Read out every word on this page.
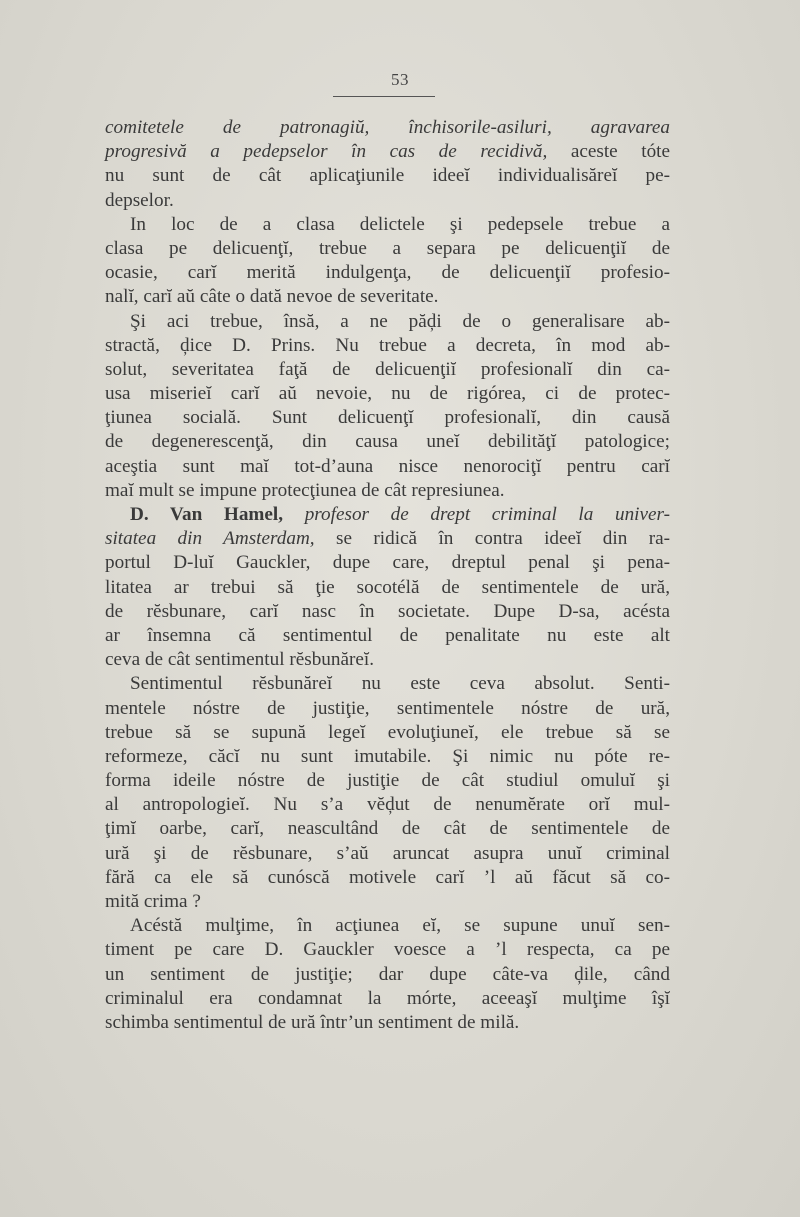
53
comitetele de patronagiŭ, închisorile-asiluri, agravarea
progresivă a pedepselor în cas de recidivă, aceste tóte
nu sunt de cât aplicaţiunile ideeĭ individualisăreĭ pe-
depselor.
In loc de a clasa delictele şi pedepsele trebue a
clasa pe delicuenţĭ, trebue a separa pe delicuenţiĭ de
ocasie, carĭ merită indulgenţa, de delicuenţiĭ profesio-
nalĭ, carĭ aŭ câte o dată nevoe de severitate.
Şi aci trebue, însă, a ne păḑi de o generalisare ab-
stractă, ḑice D. Prins. Nu trebue a decreta, în mod ab-
solut, severitatea faţă de delicuenţiĭ profesionalĭ din ca-
usa miserieĭ carĭ aŭ nevoie, nu de rigórea, ci de protec-
ţiunea socială. Sunt delicuenţĭ profesionalĭ, din causă
de degenerescenţă, din causa uneĭ debilităţĭ patologice;
aceştia sunt maĭ tot-d’auna nisce nenorociţĭ pentru carĭ
maĭ mult se impune protecţiunea de cât represiunea.
D. Van Hamel, profesor de drept criminal la univer-
sitatea din Amsterdam, se ridică în contra ideeĭ din ra-
portul D-luĭ Gauckler, dupe care, dreptul penal şi pena-
litatea ar trebui să ţie socotélă de sentimentele de ură,
de rĕsbunare, carĭ nasc în societate. Dupe D-sa, acésta
ar însemna că sentimentul de penalitate nu este alt
ceva de cât sentimentul rĕsbunăreĭ.
Sentimentul rĕsbunăreĭ nu este ceva absolut. Senti-
mentele nóstre de justiţie, sentimentele nóstre de ură,
trebue să se supună legeĭ evoluţiuneĭ, ele trebue să se
reformeze, căcĭ nu sunt imutabile. Şi nimic nu póte re-
forma ideile nóstre de justiţie de cât studiul omuluĭ şi
al antropologieĭ. Nu s’a vĕḑut de nenumĕrate orĭ mul-
ţimĭ oarbe, carĭ, neascultând de cât de sentimentele de
ură şi de rĕsbunare, s’aŭ aruncat asupra unuĭ criminal
fără ca ele să cunóscă motivele carĭ ’l aŭ făcut să co-
mită crima ?
Acéstă mulţime, în acţiunea eĭ, se supune unuĭ sen-
timent pe care D. Gauckler voesce a ’l respecta, ca pe
un sentiment de justiţie; dar dupe câte-va ḑile, când
criminalul era condamnat la mórte, aceeaşĭ mulţime îşĭ
schimba sentimentul de ură într’un sentiment de milă.
